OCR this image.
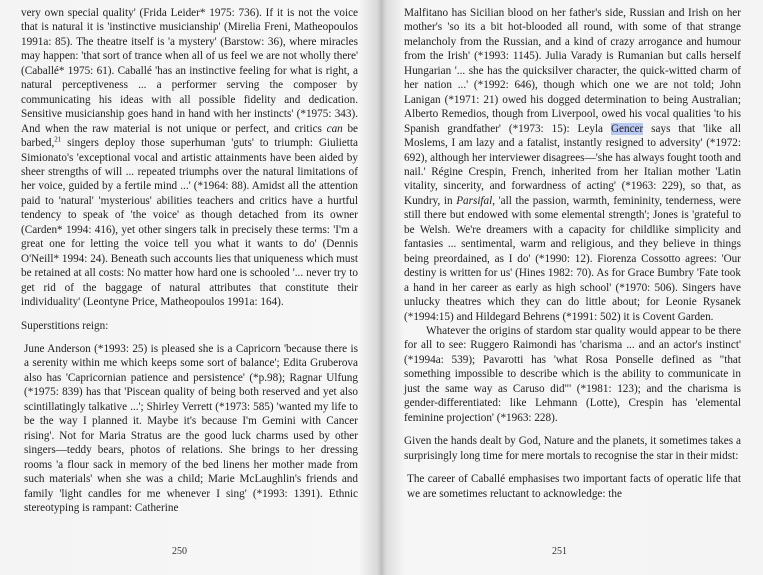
very own special quality' (Frida Leider* 1975: 736). If it is not the voice that is natural it is 'instinctive musicianship' (Mirelia Freni, Matheopoulos 1991a: 85). The theatre itself is 'a mystery' (Barstow: 36), where miracles may happen: 'that sort of trance when all of us feel we are not wholly there' (Caballé* 1975: 61). Caballé 'has an instinctive feeling for what is right, a natural perceptiveness ... a performer serving the composer by communicating his ideas with all possible fidelity and dedication. Sensitive musicianship goes hand in hand with her instincts' (*1975: 343). And when the raw material is not unique or perfect, and critics can be barbed,$^{21}$ singers deploy those superhuman 'guts' to triumph: Giulietta Simionato's 'exceptional vocal and artistic attainments have been aided by sheer strengths of will ... repeated triumphs over the natural limitations of her voice, guided by a fertile mind ...' (*1964: 88). Amidst all the attention paid to 'natural' 'mysterious' abilities teachers and critics have a hurtful tendency to speak of 'the voice' as though detached from its owner (Carden* 1994: 416), yet other singers talk in precisely these terms: 'I'm a great one for letting the voice tell you what it wants to do' (Dennis O'Neill* 1994: 24). Beneath such accounts lies that uniqueness which must be retained at all costs: No matter how hard one is schooled '... never try to get rid of the baggage of natural attributes that constitute their individuality' (Leontyne Price, Matheopoulos 1991a: 164).

Superstitions reign:

June Anderson (*1993: 25) is pleased she is a Capricorn 'because there is a serenity within me which keeps some sort of balance'; Edita Gruberova also has 'Capricornian patience and persistence' (*p.98); Ragnar Ulfung (*1975: 839) has that 'Piscean quality of being both reserved and yet also scintillatingly talkative ...'; Shirley Verrett (*1973: 585) 'wanted my life to be the way I planned it. Maybe it's because I'm Gemini with Cancer rising'. Not for Maria Stratus are the good luck charms used by other singers—teddy bears, photos of relations. She brings to her dressing rooms 'a flour sack in memory of the bed linens her mother made from such materials' when she was a child; Marie McLaughlin's friends and family 'light candles for me whenever I sing' (*1993: 1391). Ethnic stereotyping is rampant: Catherine

250

Malfitano has Sicilian blood on her father's side, Russian and Irish on her mother's 'so its a bit hot-blooded all round, with some of that strange melancholy from the Russian, and a kind of crazy arrogance and humour from the Irish' (*1993: 1145). Julia Varady is Rumanian but calls herself Hungarian '... she has the quicksilver character, the quick-witted charm of her nation ...' (*1992: 646), though which one we are not told; John Lanigan (*1971: 21) owed his dogged determination to being Australian; Alberto Remedios, though from Liverpool, owed his vocal qualities 'to his Spanish grandfather' (*1973: 15): Leyla Gencer says that 'like all Moslems, I am lazy and a fatalist, instantly resigned to adversity' (*1972: 692), although her interviewer disagrees—'she has always fought tooth and nail.' Régine Crespin, French, inherited from her Italian mother 'Latin vitality, sincerity, and forwardness of acting' (*1963: 229), so that, as Kundry, in Parsifal, 'all the passion, warmth, femininity, tenderness, were still there but endowed with some elemental strength'; Jones is 'grateful to be Welsh. We're dreamers with a capacity for childlike simplicity and fantasies ... sentimental, warm and religious, and they believe in things being preordained, as I do' (*1990: 12). Fiorenza Cossotto agrees: 'Our destiny is written for us' (Hines 1982: 70). As for Grace Bumbry 'Fate took a hand in her career as early as high school' (*1970: 506). Singers have unlucky theatres which they can do little about; for Leonie Rysanek (*1994:15) and Hildegard Behrens (*1991: 502) it is Covent Garden.

Whatever the origins of stardom star quality would appear to be there for all to see: Ruggero Raimondi has 'charisma ... and an actor's instinct' (*1994a: 539); Pavarotti has 'what Rosa Ponselle defined as "that something impossible to describe which is the ability to communicate in just the same way as Caruso did"' (*1981: 123); and the charisma is gender-differentiated: like Lehmann (Lotte), Crespin has 'elemental feminine projection' (*1963: 228).

Given the hands dealt by God, Nature and the planets, it sometimes takes a surprisingly long time for mere mortals to recognise the star in their midst:

The career of Caballé emphasises two important facts of operatic life that we are sometimes reluctant to acknowledge: the

251
